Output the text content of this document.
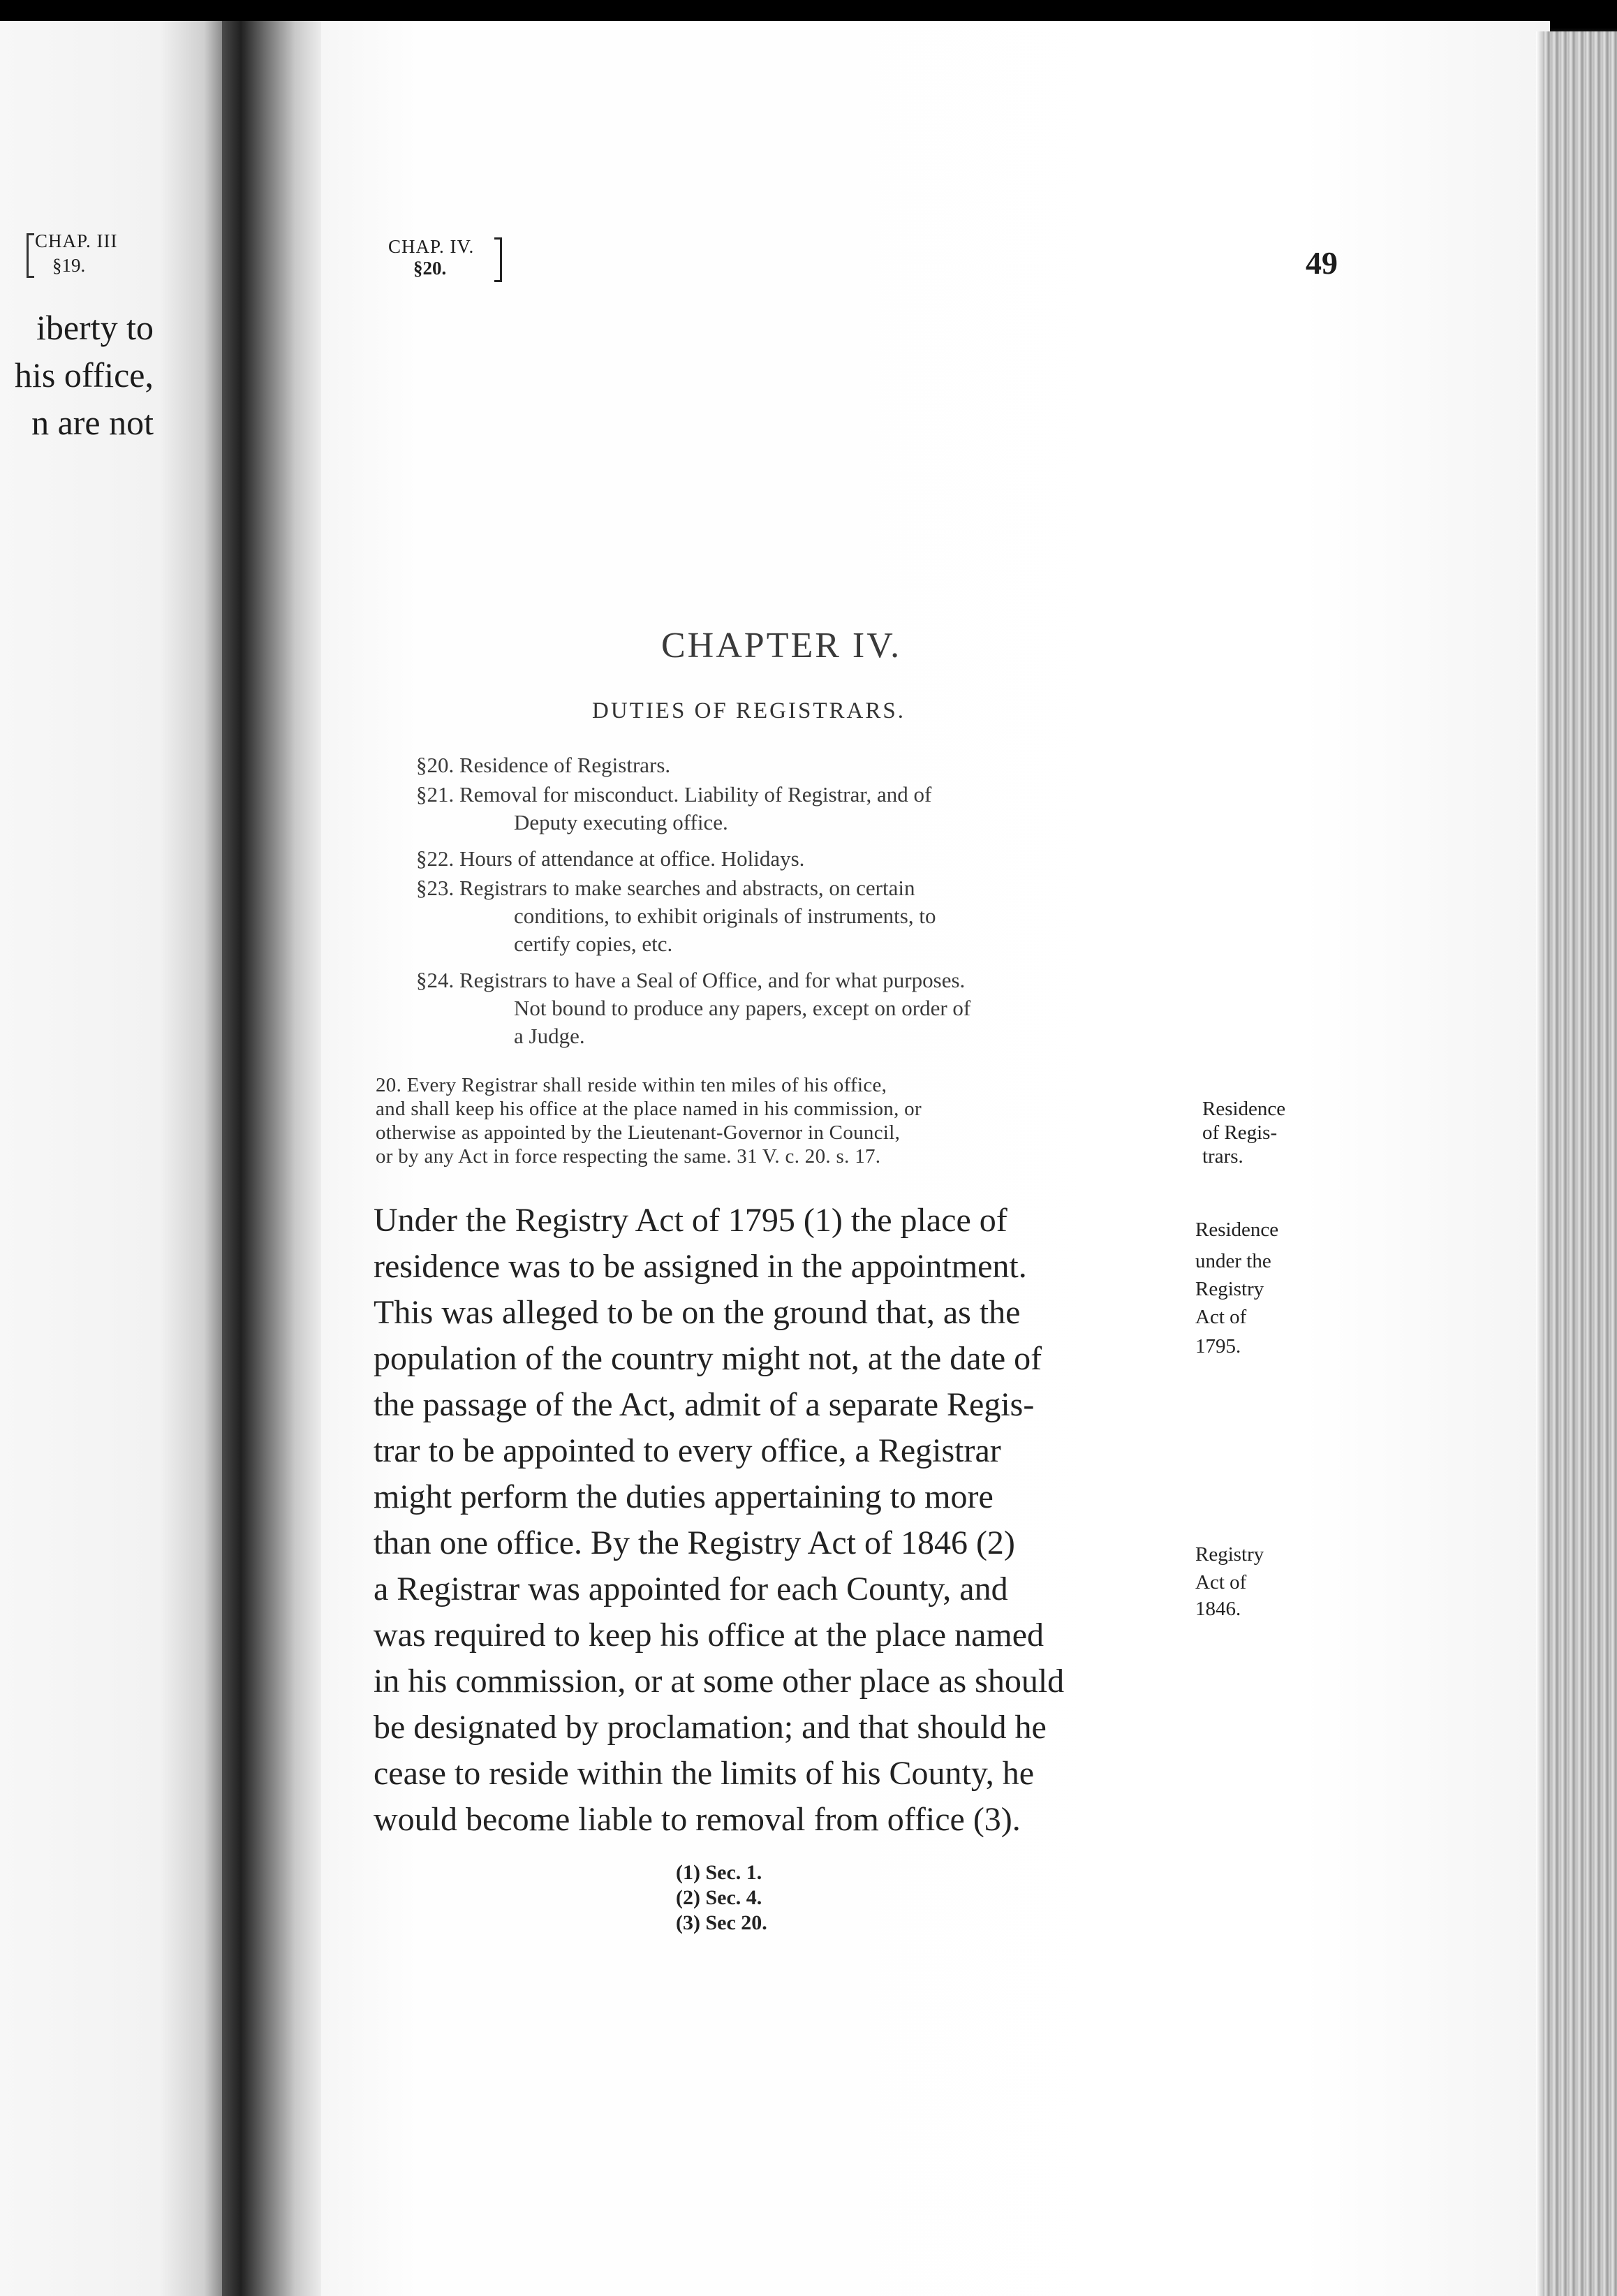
CHAP. III

§19.

iberty to

his office,

n are not

CHAP. IV.

§20.	49

CHAPTER IV.

DUTIES OF REGISTRARS.

§20. Residence of Registrars.

§21. Removal for misconduct. Liability of Registrar, and of

Deputy executing office.

§22. Hours of attendance at office. Holidays.

§23. Registrars to make searches and abstracts, on certain

conditions, to exhibit originals of instruments, to

certify copies, etc.

§24. Registrars to have a Seal of Office, and for what purposes.

Not bound to produce any papers, except on order of

a Judge.

20. Every Registrar shall reside within ten miles of his office,

and shall keep his office at the place named in his commission, or

otherwise as appointed by the Lieutenant-Governor in Council,

or by any Act in force respecting the same. 31 V. c. 20. s. 17.

Residence

of Regis-

trars.

Under the Registry Act of 1795 (1) the place of

residence was to be assigned in the appointment.

This was alleged to be on the ground that, as the

population of the country might not, at the date of

the passage of the Act, admit of a separate Regis-

trar to be appointed to every office, a Registrar

might perform the duties appertaining to more

than one office. By the Registry Act of 1846 (2)

a Registrar was appointed for each County, and

was required to keep his office at the place named

in his commission, or at some other place as should

be designated by proclamation; and that should he

cease to reside within the limits of his County, he

would become liable to removal from office (3).

Residence

under the

Registry

Act of

1795.

Registry

Act of

1846.

(1) Sec. 1.

(2) Sec. 4.

(3) Sec 20.
